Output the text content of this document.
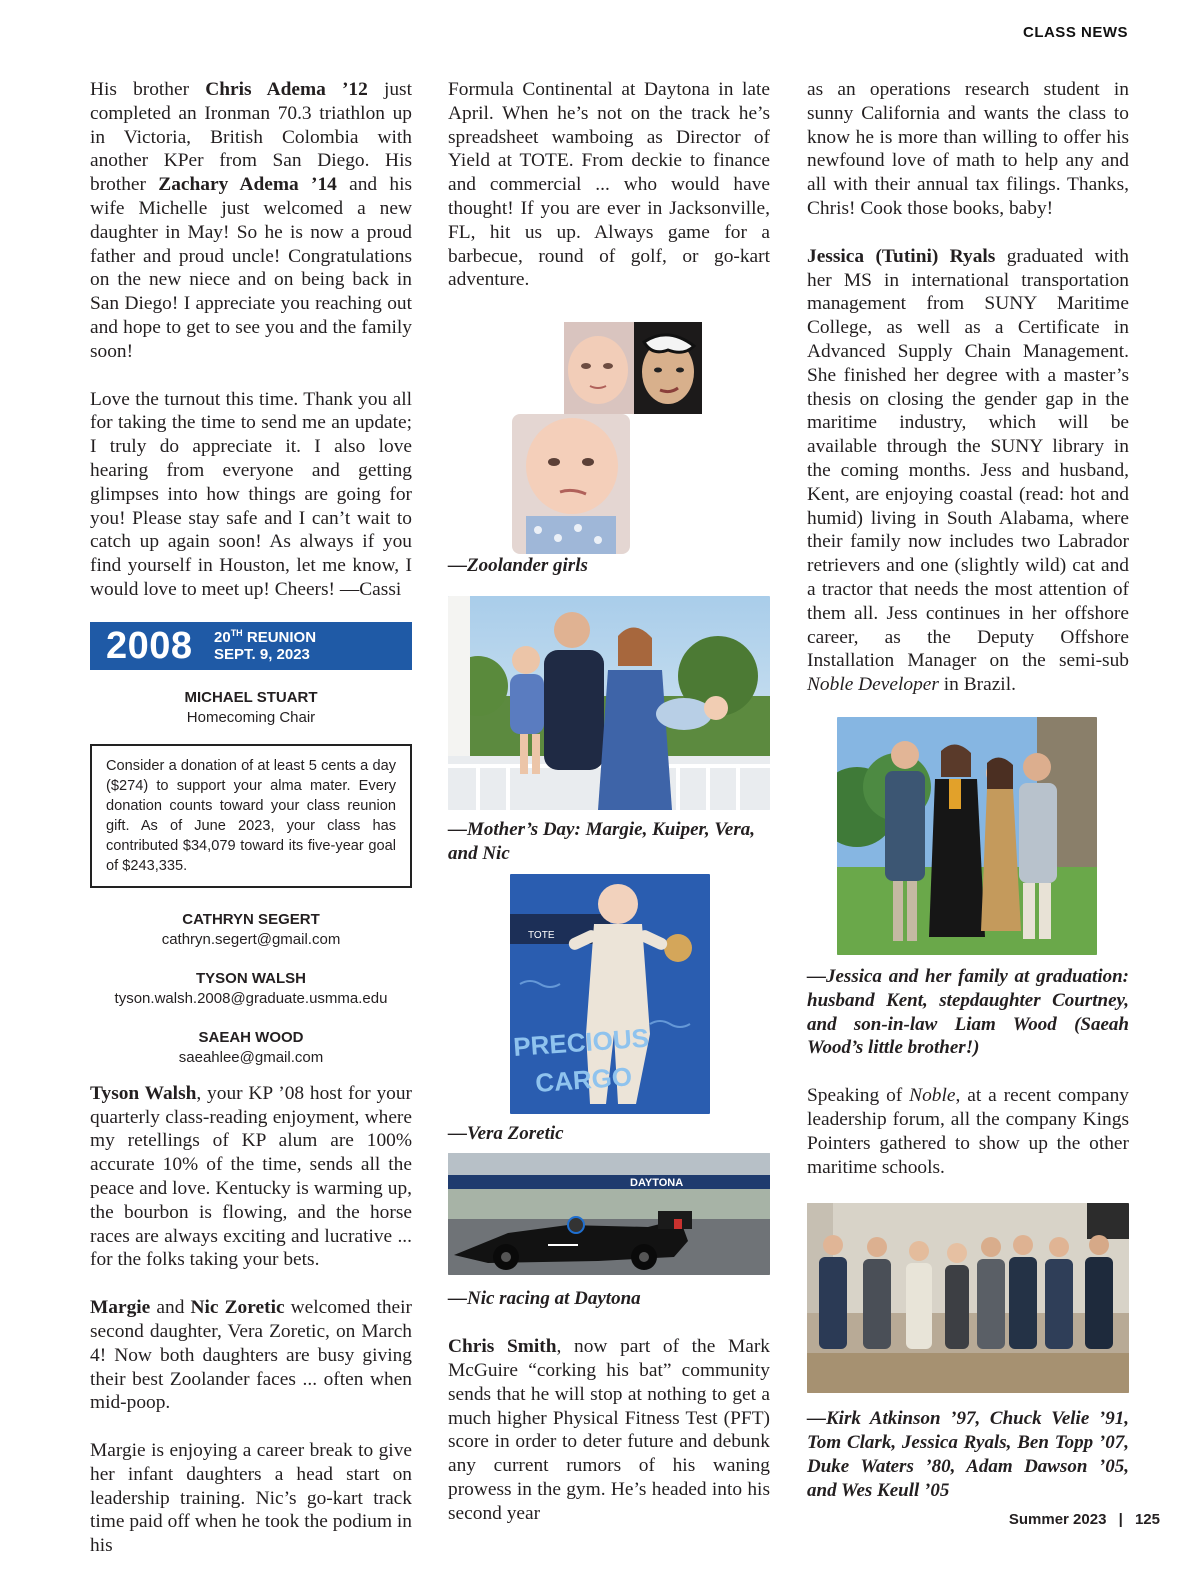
CLASS NEWS

His brother Chris Adema ’12 just completed an Ironman 70.3 triathlon up in Victoria, British Colombia with another KPer from San Diego. His brother Zachary Adema ’14 and his wife Michelle just welcomed a new daughter in May! So he is now a proud father and proud uncle! Congratulations on the new niece and on being back in San Diego! I appreciate you reaching out and hope to get to see you and the family soon!

Love the turnout this time. Thank you all for taking the time to send me an update; I truly do appreciate it. I also love hearing from everyone and getting glimpses into how things are going for you! Please stay safe and I can’t wait to catch up again soon! As always if you find yourself in Houston, let me know, I would love to meet up! Cheers! —Cassi

2008 20TH REUNION
SEPT. 9, 2023
MICHAEL STUART
Homecoming Chair
Consider a donation of at least 5 cents a day ($274) to support your alma mater. Every donation counts toward your class reunion gift. As of June 2023, your class has contributed $34,079 toward its five-year goal of $243,335.
CATHRYN SEGERT
cathryn.segert@gmail.com
TYSON WALSH
tyson.walsh.2008@graduate.usmma.edu
SAEAH WOOD
saeahlee@gmail.com

Tyson Walsh, your KP ’08 host for your quarterly class-reading enjoyment, where my retellings of KP alum are 100% accurate 10% of the time, sends all the peace and love. Kentucky is warming up, the bourbon is flowing, and the horse races are always exciting and lucrative ... for the folks taking your bets.

Margie and Nic Zoretic welcomed their second daughter, Vera Zoretic, on March 4! Now both daughters are busy giving their best Zoolander faces ... often when mid-poop.

Margie is enjoying a career break to give her infant daughters a head start on leadership training. Nic’s go-kart track time paid off when he took the podium in his

Formula Continental at Daytona in late April. When he’s not on the track he’s spreadsheet wamboing as Director of Yield at TOTE. From deckie to finance and commercial ... who would have thought! If you are ever in Jacksonville, FL, hit us up. Always game for a barbecue, round of golf, or go-kart adventure.

—Zoolander girls

—Mother’s Day: Margie, Kuiper, Vera, and Nic

TOTE
PRECIOUS
CARGO

—Vera Zoretic

DAYTONA

—Nic racing at Daytona

Chris Smith, now part of the Mark McGuire “corking his bat” community sends that he will stop at nothing to get a much higher Physical Fitness Test (PFT) score in order to deter future and debunk any current rumors of his waning prowess in the gym. He’s headed into his second year

as an operations research student in sunny California and wants the class to know he is more than willing to offer his newfound love of math to help any and all with their annual tax filings. Thanks, Chris! Cook those books, baby!

Jessica (Tutini) Ryals graduated with her MS in international transportation management from SUNY Maritime College, as well as a Certificate in Advanced Supply Chain Management. She finished her degree with a master’s thesis on closing the gender gap in the maritime industry, which will be available through the SUNY library in the coming months. Jess and husband, Kent, are enjoying coastal (read: hot and humid) living in South Alabama, where their family now includes two Labrador retrievers and one (slightly wild) cat and a tractor that needs the most attention of them all. Jess continues in her offshore career, as the Deputy Offshore Installation Manager on the semi-sub Noble Developer in Brazil.

—Jessica and her family at graduation: husband Kent, stepdaughter Courtney, and son-in-law Liam Wood (Saeah Wood’s little brother!)

Speaking of Noble, at a recent company leadership forum, all the company Kings Pointers gathered to show up the other maritime schools.

—Kirk Atkinson ’97, Chuck Velie ’91, Tom Clark, Jessica Ryals, Ben Topp ’07, Duke Waters ’80, Adam Dawson ’05, and Wes Keull ’05

Summer 2023 | 125
